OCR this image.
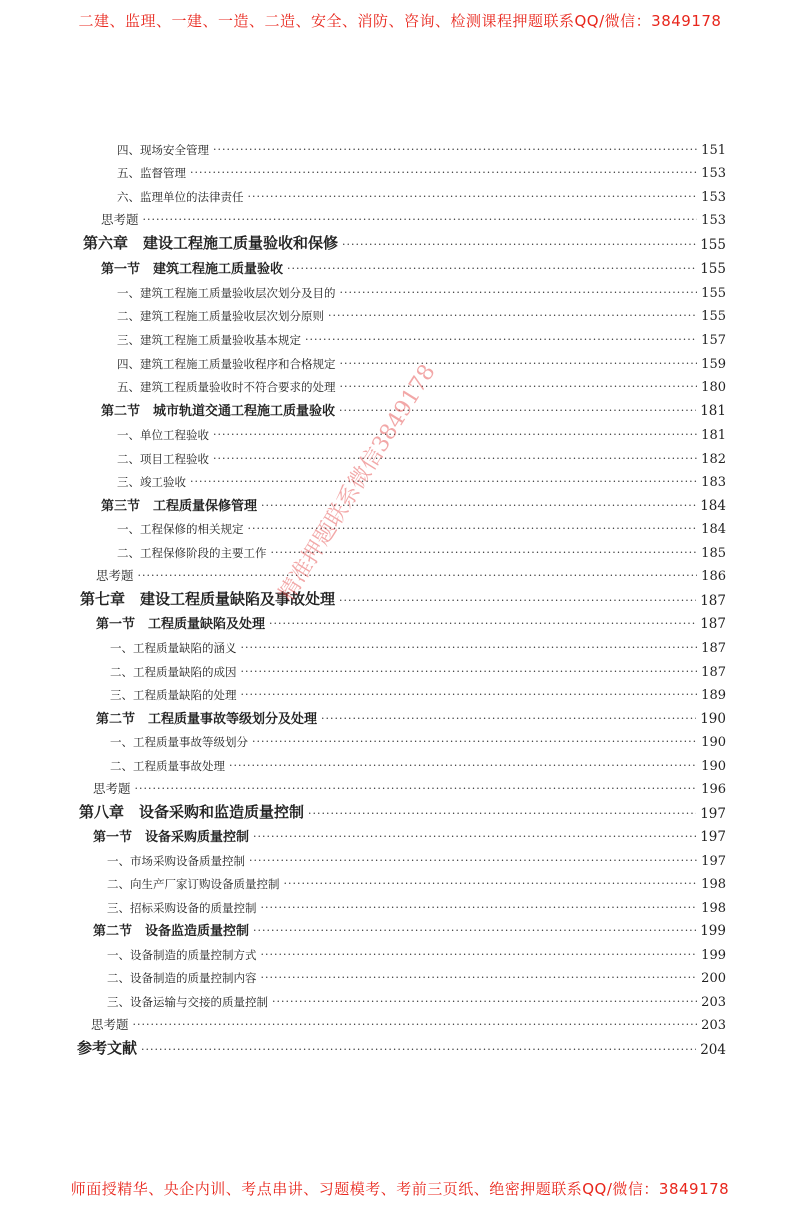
二建、监理、一建、一造、二造、安全、消防、咨询、检测课程押题联系QQ/微信：3849178
四、现场安全管理 ·····	151
五、监督管理 ·····	153
六、监理单位的法律责任 ·····	153
思考题 ·····	153
第六章　建设工程施工质量验收和保修 ·····	155
第一节　建筑工程施工质量验收 ·····	155
一、建筑工程施工质量验收层次划分及目的 ·····	155
二、建筑工程施工质量验收层次划分原则 ·····	155
三、建筑工程施工质量验收基本规定 ·····	157
四、建筑工程施工质量验收程序和合格规定 ·····	159
五、建筑工程质量验收时不符合要求的处理 ·····	180
第二节　城市轨道交通工程施工质量验收 ·····	181
一、单位工程验收 ·····	181
二、项目工程验收 ·····	182
三、竣工验收 ·····	183
第三节　工程质量保修管理 ·····	184
一、工程保修的相关规定 ·····	184
二、工程保修阶段的主要工作 ·····	185
思考题 ·····	186
第七章　建设工程质量缺陷及事故处理 ·····	187
第一节　工程质量缺陷及处理 ·····	187
一、工程质量缺陷的涵义 ·····	187
二、工程质量缺陷的成因 ·····	187
三、工程质量缺陷的处理 ·····	189
第二节　工程质量事故等级划分及处理 ·····	190
一、工程质量事故等级划分 ·····	190
二、工程质量事故处理 ·····	190
思考题 ·····	196
第八章　设备采购和监造质量控制 ·····	197
第一节　设备采购质量控制 ·····	197
一、市场采购设备质量控制 ·····	197
二、向生产厂家订购设备质量控制 ·····	198
三、招标采购设备的质量控制 ·····	198
第二节　设备监造质量控制 ·····	199
一、设备制造的质量控制方式 ·····	199
二、设备制造的质量控制内容 ·····	200
三、设备运输与交接的质量控制 ·····	203
思考题 ·····	203
参考文献 ·····	204
精准押题联系微信3849178
师面授精华、央企内训、考点串讲、习题模考、考前三页纸、绝密押题联系QQ/微信：3849178
